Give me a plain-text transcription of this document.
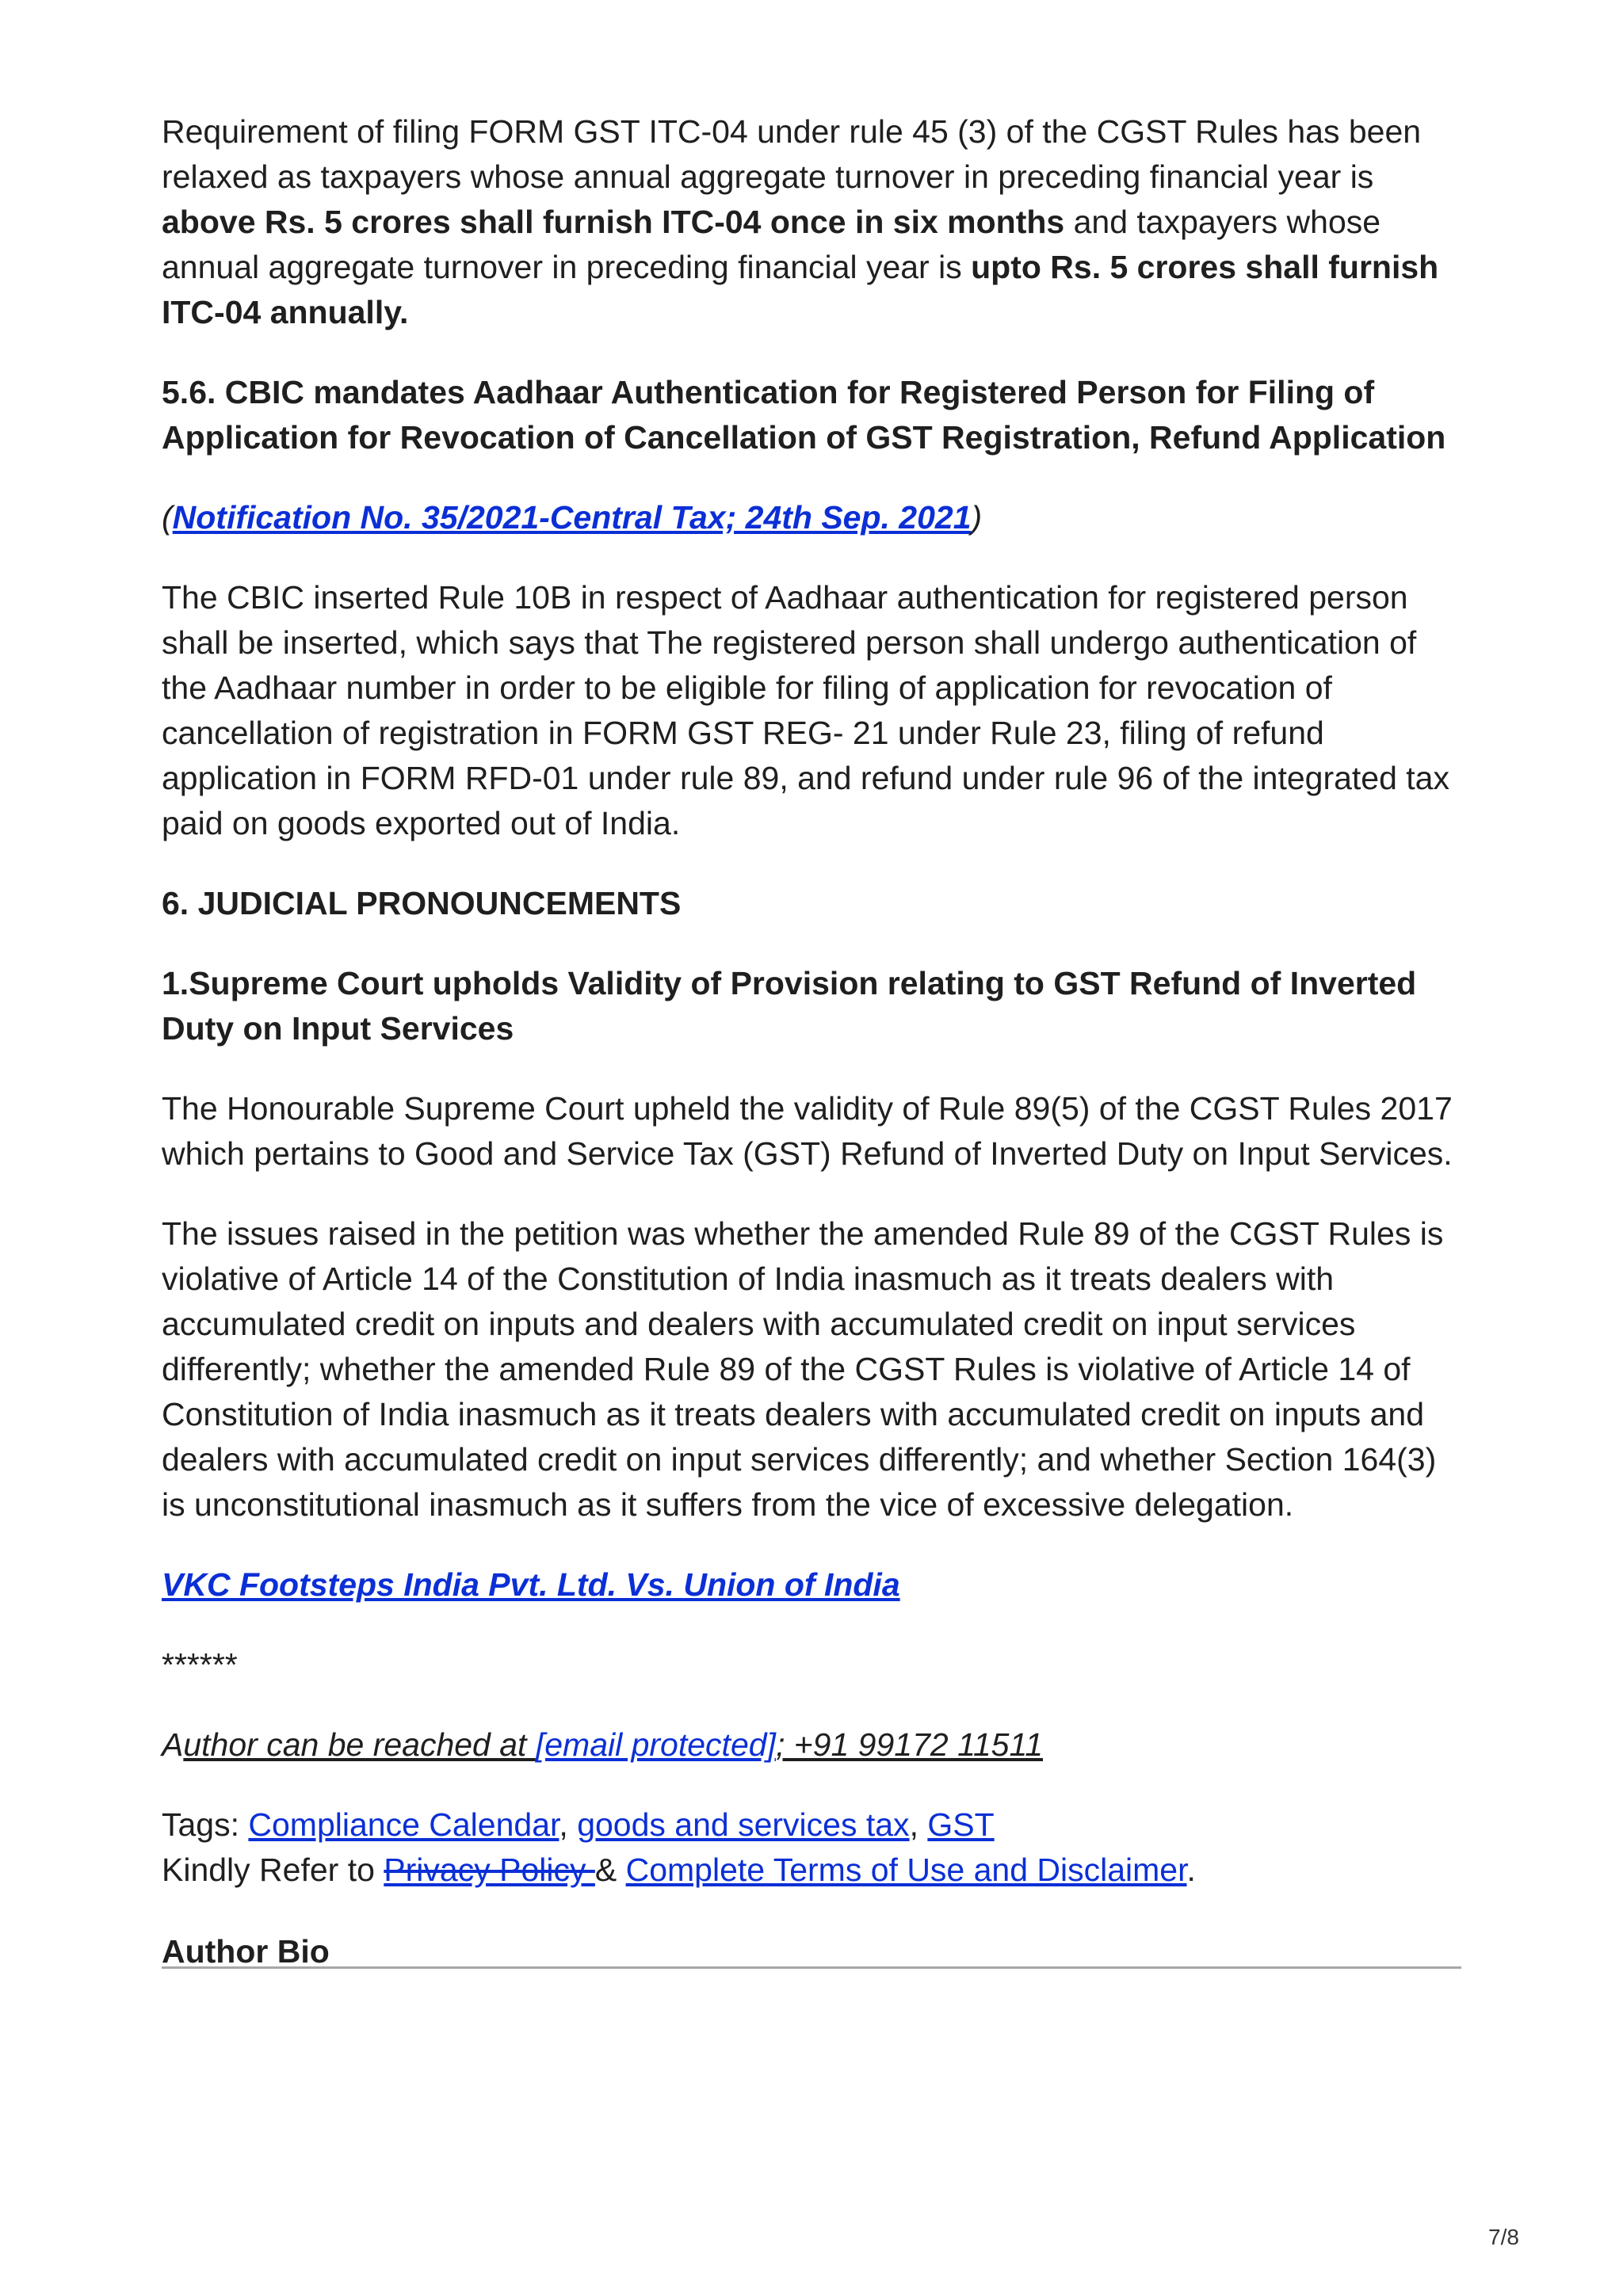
Requirement of filing FORM GST ITC-04 under rule 45 (3) of the CGST Rules has been relaxed as taxpayers whose annual aggregate turnover in preceding financial year is above Rs. 5 crores shall furnish ITC-04 once in six months and taxpayers whose annual aggregate turnover in preceding financial year is upto Rs. 5 crores shall furnish ITC-04 annually.

5.6. CBIC mandates Aadhaar Authentication for Registered Person for Filing of Application for Revocation of Cancellation of GST Registration, Refund Application

(Notification No. 35/2021-Central Tax; 24th Sep. 2021)

The CBIC inserted Rule 10B in respect of Aadhaar authentication for registered person shall be inserted, which says that The registered person shall undergo authentication of the Aadhaar number in order to be eligible for filing of application for revocation of cancellation of registration in FORM GST REG- 21 under Rule 23, filing of refund application in FORM RFD-01 under rule 89, and refund under rule 96 of the integrated tax paid on goods exported out of India.

6. JUDICIAL PRONOUNCEMENTS

1.Supreme Court upholds Validity of Provision relating to GST Refund of Inverted Duty on Input Services

The Honourable Supreme Court upheld the validity of Rule 89(5) of the CGST Rules 2017 which pertains to Good and Service Tax (GST) Refund of Inverted Duty on Input Services.

The issues raised in the petition was whether the amended Rule 89 of the CGST Rules is violative of Article 14 of the Constitution of India inasmuch as it treats dealers with accumulated credit on inputs and dealers with accumulated credit on input services differently; whether the amended Rule 89 of the CGST Rules is violative of Article 14 of Constitution of India inasmuch as it treats dealers with accumulated credit on inputs and dealers with accumulated credit on input services differently; and whether Section 164(3) is unconstitutional inasmuch as it suffers from the vice of excessive delegation.

VKC Footsteps India Pvt. Ltd. Vs. Union of India

******

Author can be reached at [email protected]; +91 99172 11511

Tags: Compliance Calendar, goods and services tax, GST

Kindly Refer to Privacy Policy & Complete Terms of Use and Disclaimer.

Author Bio
7/8
